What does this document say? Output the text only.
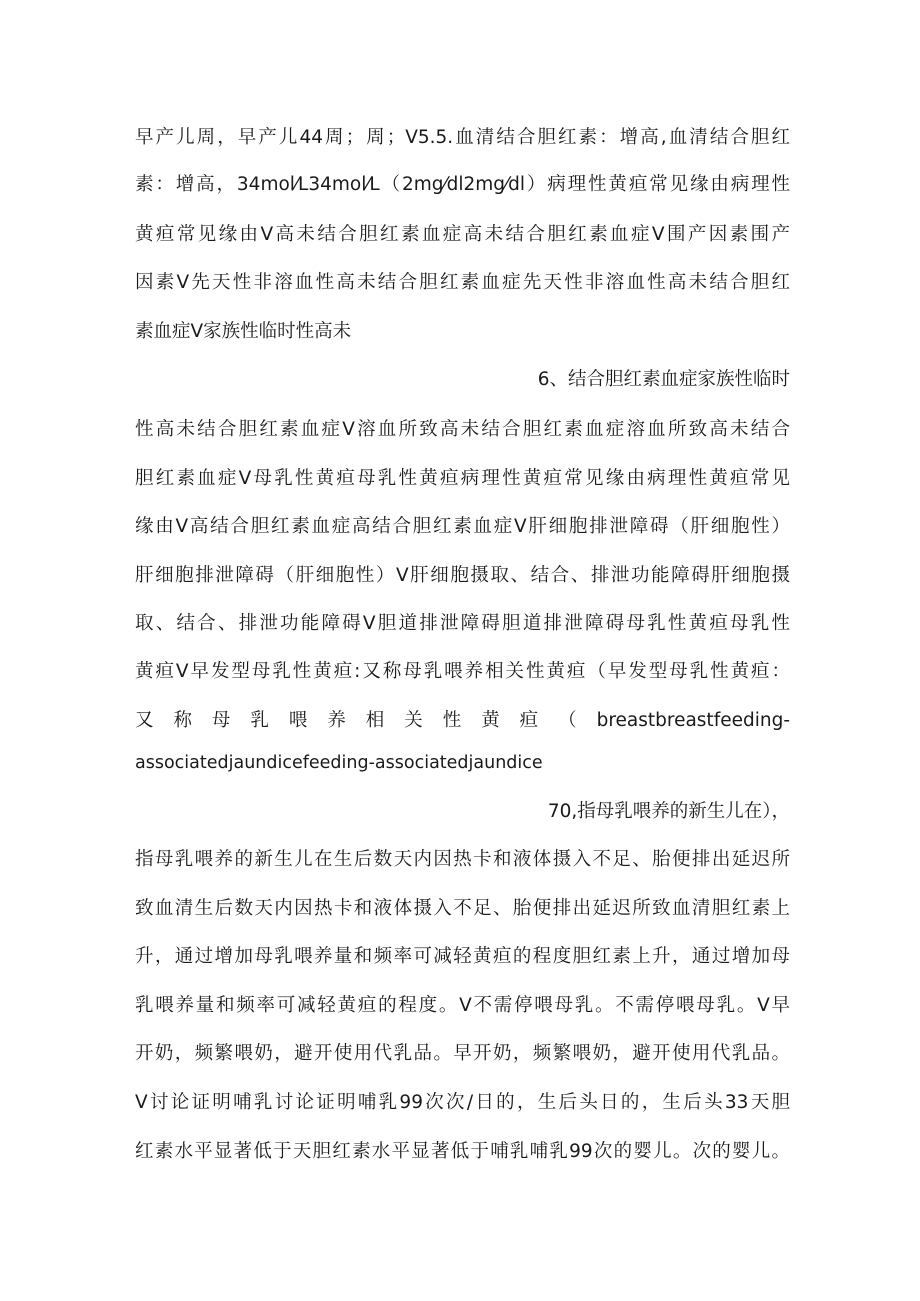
早产儿周，早产儿44周；周；V5.5.血清结合胆红素：增高,血清结合胆红
素：增高，34mol⁄L34mol⁄L（2mg⁄dl2mg⁄dl）病理性黄疸常见缘由病理性
黄疸常见缘由V高未结合胆红素血症高未结合胆红素血症V围产因素围产
因素V先天性非溶血性高未结合胆红素血症先天性非溶血性高未结合胆红
素血症V家族性临时性高未
6、结合胆红素血症家族性临时
性高未结合胆红素血症V溶血所致高未结合胆红素血症溶血所致高未结合
胆红素血症V母乳性黄疸母乳性黄疸病理性黄疸常见缘由病理性黄疸常见
缘由V高结合胆红素血症高结合胆红素血症V肝细胞排泄障碍（肝细胞性）
肝细胞排泄障碍（肝细胞性）V肝细胞摄取、结合、排泄功能障碍肝细胞摄
取、结合、排泄功能障碍V胆道排泄障碍胆道排泄障碍母乳性黄疸母乳性
黄疸V早发型母乳性黄疸:又称母乳喂养相关性黄疸（早发型母乳性黄疸：
又 称 母 乳 喂 养 相 关 性 黄 疸 （ breastbreastfeeding-
associatedjaundicefeeding-associatedjaundice
70,指母乳喂养的新生儿在），
指母乳喂养的新生儿在生后数天内因热卡和液体摄入不足、胎便排出延迟所
致血清生后数天内因热卡和液体摄入不足、胎便排出延迟所致血清胆红素上
升，通过增加母乳喂养量和频率可减轻黄疸的程度胆红素上升，通过增加母
乳喂养量和频率可减轻黄疸的程度。V不需停喂母乳。不需停喂母乳。V早
开奶，频繁喂奶，避开使用代乳品。早开奶，频繁喂奶，避开使用代乳品。
V讨论证明哺乳讨论证明哺乳99次次/日的，生后头日的，生后头33天胆
红素水平显著低于天胆红素水平显著低于哺乳哺乳99次的婴儿。次的婴儿。
